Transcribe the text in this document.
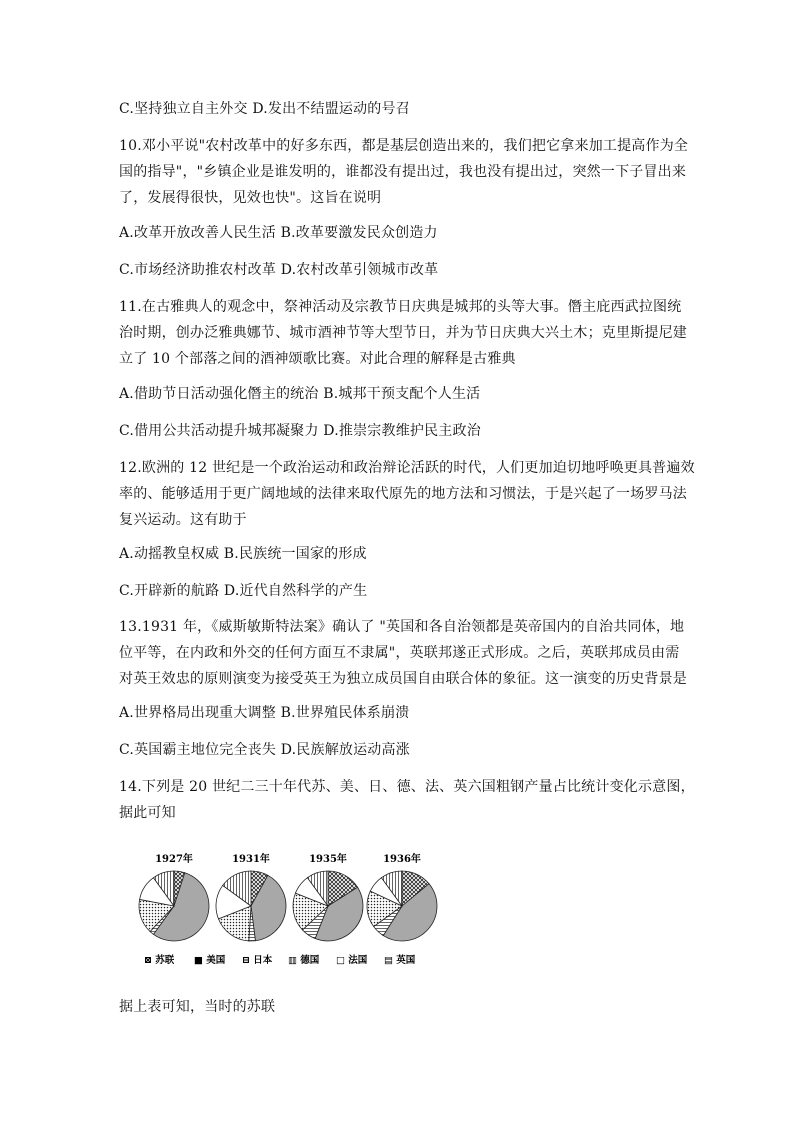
C.坚持独立自主外交 D.发出不结盟运动的号召
10.邓小平说"农村改革中的好多东西，都是基层创造出来的，我们把它拿来加工提高作为全
国的指导"，"乡镇企业是谁发明的，谁都没有提出过，我也没有提出过，突然一下子冒出来
了，发展得很快，见效也快"。这旨在说明
A.改革开放改善人民生活 B.改革要激发民众创造力
C.市场经济助推农村改革 D.农村改革引领城市改革
11.在古雅典人的观念中，祭神活动及宗教节日庆典是城邦的头等大事。僭主庇西武拉图统
治时期，创办泛雅典娜节、城市酒神节等大型节日，并为节日庆典大兴土木；克里斯提尼建
立了 10 个部落之间的酒神颂歌比赛。对此合理的解释是古雅典
A.借助节日活动强化僭主的统治 B.城邦干预支配个人生活
C.借用公共活动提升城邦凝聚力 D.推崇宗教维护民主政治
12.欧洲的 12 世纪是一个政治运动和政治辩论活跃的时代，人们更加迫切地呼唤更具普遍效
率的、能够适用于更广阔地域的法律来取代原先的地方法和习惯法，于是兴起了一场罗马法
复兴运动。这有助于
A.动摇教皇权威 B.民族统一国家的形成
C.开辟新的航路 D.近代自然科学的产生
13.1931 年，《威斯敏斯特法案》确认了 "英国和各自治领都是英帝国内的自治共同体，地
位平等，在内政和外交的任何方面互不隶属"，英联邦遂正式形成。之后，英联邦成员由需
对英王效忠的原则演变为接受英王为独立成员国自由联合体的象征。这一演变的历史背景是
A.世界格局出现重大调整 B.世界殖民体系崩溃
C.英国霸主地位完全丧失 D.民族解放运动高涨
14.下列是 20 世纪二三十年代苏、美、日、德、法、英六国粗钢产量占比统计变化示意图，
据此可知
1927年	1931年	1935年	1936年
⊠ 苏联 ■ 美国 ⊟ 日本 ▥ 德国 □ 法国 ▤ 英国
据上表可知，当时的苏联
